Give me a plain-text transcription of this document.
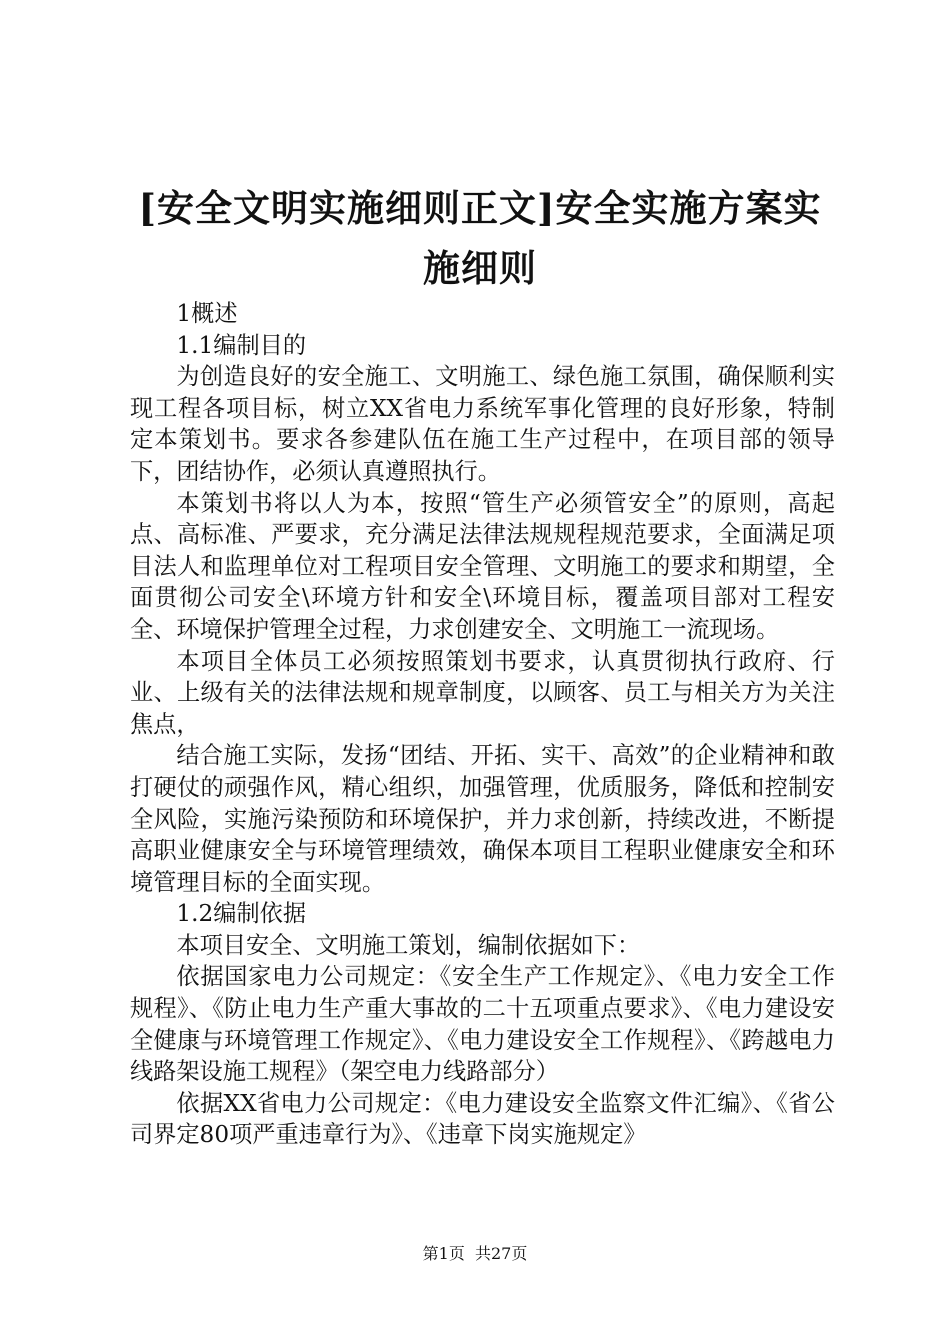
[安全文明实施细则正文]安全实施方案实施细则

1概述

1.1编制目的

为创造良好的安全施工、文明施工、绿色施工氛围，确保顺利实现工程各项目标，树立XX省电力系统军事化管理的良好形象，特制定本策划书。要求各参建队伍在施工生产过程中，在项目部的领导下，团结协作，必须认真遵照执行。

本策划书将以人为本，按照“管生产必须管安全”的原则，高起点、高标准、严要求，充分满足法律法规规程规范要求，全面满足项目法人和监理单位对工程项目安全管理、文明施工的要求和期望，全面贯彻公司安全\环境方针和安全\环境目标，覆盖项目部对工程安全、环境保护管理全过程，力求创建安全、文明施工一流现场。

本项目全体员工必须按照策划书要求，认真贯彻执行政府、行业、上级有关的法律法规和规章制度，以顾客、员工与相关方为关注焦点，

结合施工实际，发扬“团结、开拓、实干、高效”的企业精神和敢打硬仗的顽强作风，精心组织，加强管理，优质服务，降低和控制安全风险，实施污染预防和环境保护，并力求创新，持续改进，不断提高职业健康安全与环境管理绩效，确保本项目工程职业健康安全和环境管理目标的全面实现。

1.2编制依据

本项目安全、文明施工策划，编制依据如下：

依据国家电力公司规定：《安全生产工作规定》、《电力安全工作规程》、《防止电力生产重大事故的二十五项重点要求》、《电力建设安全健康与环境管理工作规定》、《电力建设安全工作规程》、《跨越电力线路架设施工规程》（架空电力线路部分）

依据XX省电力公司规定：《电力建设安全监察文件汇编》、《省公司界定80项严重违章行为》、《违章下岗实施规定》

第1页  共27页
